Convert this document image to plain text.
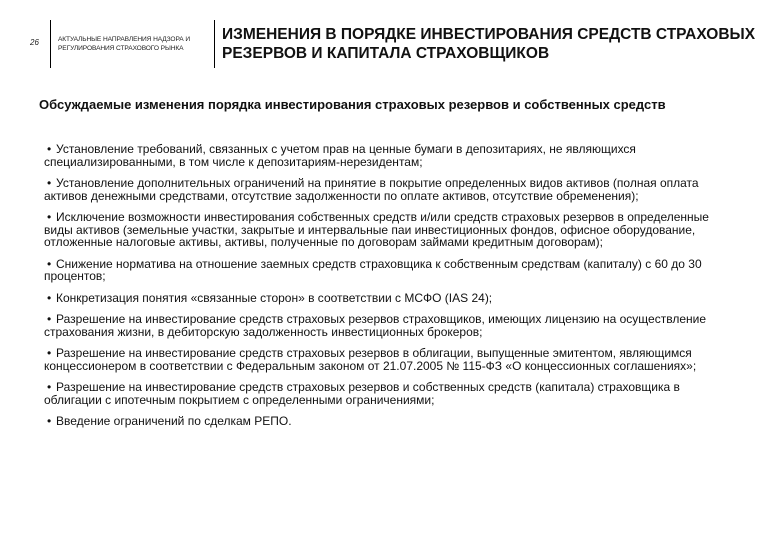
26	АКТУАЛЬНЫЕ НАПРАВЛЕНИЯ НАДЗОРА И РЕГУЛИРОВАНИЯ СТРАХОВОГО РЫНКА
ИЗМЕНЕНИЯ В ПОРЯДКЕ ИНВЕСТИРОВАНИЯ СРЕДСТВ СТРАХОВЫХ РЕЗЕРВОВ И КАПИТАЛА СТРАХОВЩИКОВ
Обсуждаемые изменения порядка инвестирования страховых резервов и собственных средств
• Установление требований, связанных с учетом прав на ценные бумаги в депозитариях, не являющихся специализированными, в том числе к депозитариям-нерезидентам;
• Установление дополнительных ограничений на принятие в покрытие определенных видов активов (полная оплата активов денежными средствами, отсутствие задолженности по оплате активов, отсутствие обременения);
• Исключение возможности инвестирования собственных средств и/или средств страховых резервов в определенные виды активов (земельные участки, закрытые и интервальные паи инвестиционных фондов, офисное оборудование, отложенные налоговые активы, активы, полученные по договорам займами кредитным договорам);
• Снижение норматива на отношение заемных средств страховщика к собственным средствам (капиталу) с 60 до 30 процентов;
• Конкретизация понятия «связанные сторон» в соответствии с МСФО (IAS 24);
• Разрешение на инвестирование средств страховых резервов страховщиков, имеющих лицензию на осуществление страхования жизни, в дебиторскую задолженность инвестиционных брокеров;
• Разрешение на инвестирование средств страховых резервов в облигации, выпущенные эмитентом, являющимся концессионером в соответствии с Федеральным законом от 21.07.2005 № 115-ФЗ «О концессионных соглашениях»;
• Разрешение на инвестирование средств страховых резервов и собственных средств (капитала) страховщика в облигации с ипотечным покрытием с определенными ограничениями;
• Введение ограничений по сделкам РЕПО.
